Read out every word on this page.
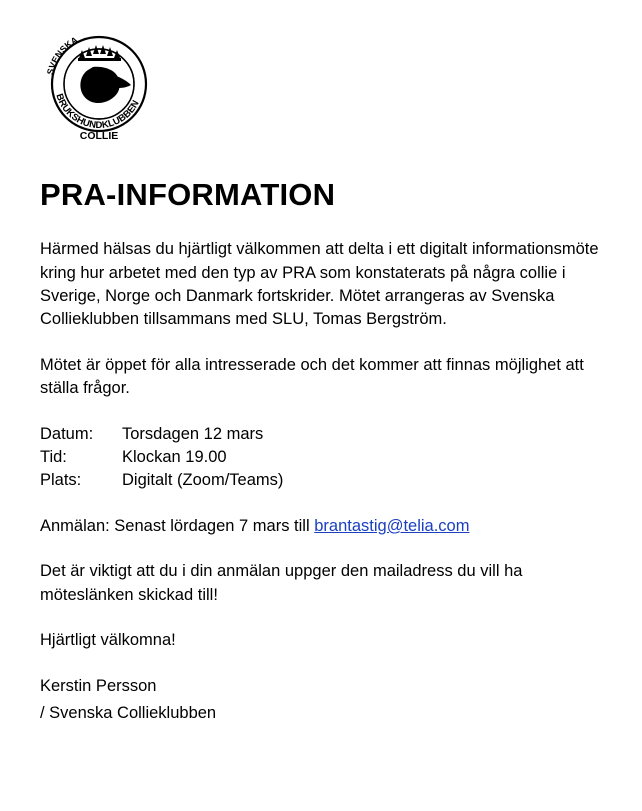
SVENSKA
BRUKSHUNDKLUBBEN
COLLIE
PRA-INFORMATION

Härmed hälsas du hjärtligt välkommen att delta i ett digitalt informationsmöte kring hur arbetet med den typ av PRA som konstaterats på några collie i Sverige, Norge och Danmark fortskrider. Mötet arrangeras av Svenska Collieklubben tillsammans med SLU, Tomas Bergström.

Mötet är öppet för alla intresserade och det kommer att finnas möjlighet att ställa frågor.

Datum:	Torsdagen 12 mars
Tid:	Klockan 19.00
Plats:	Digitalt (Zoom/Teams)

Anmälan: Senast lördagen 7 mars till brantastig@telia.com

Det är viktigt att du i din anmälan uppger den mailadress du vill ha möteslänken skickad till!

Hjärtligt välkomna!

Kerstin Persson

/ Svenska Collieklubben
